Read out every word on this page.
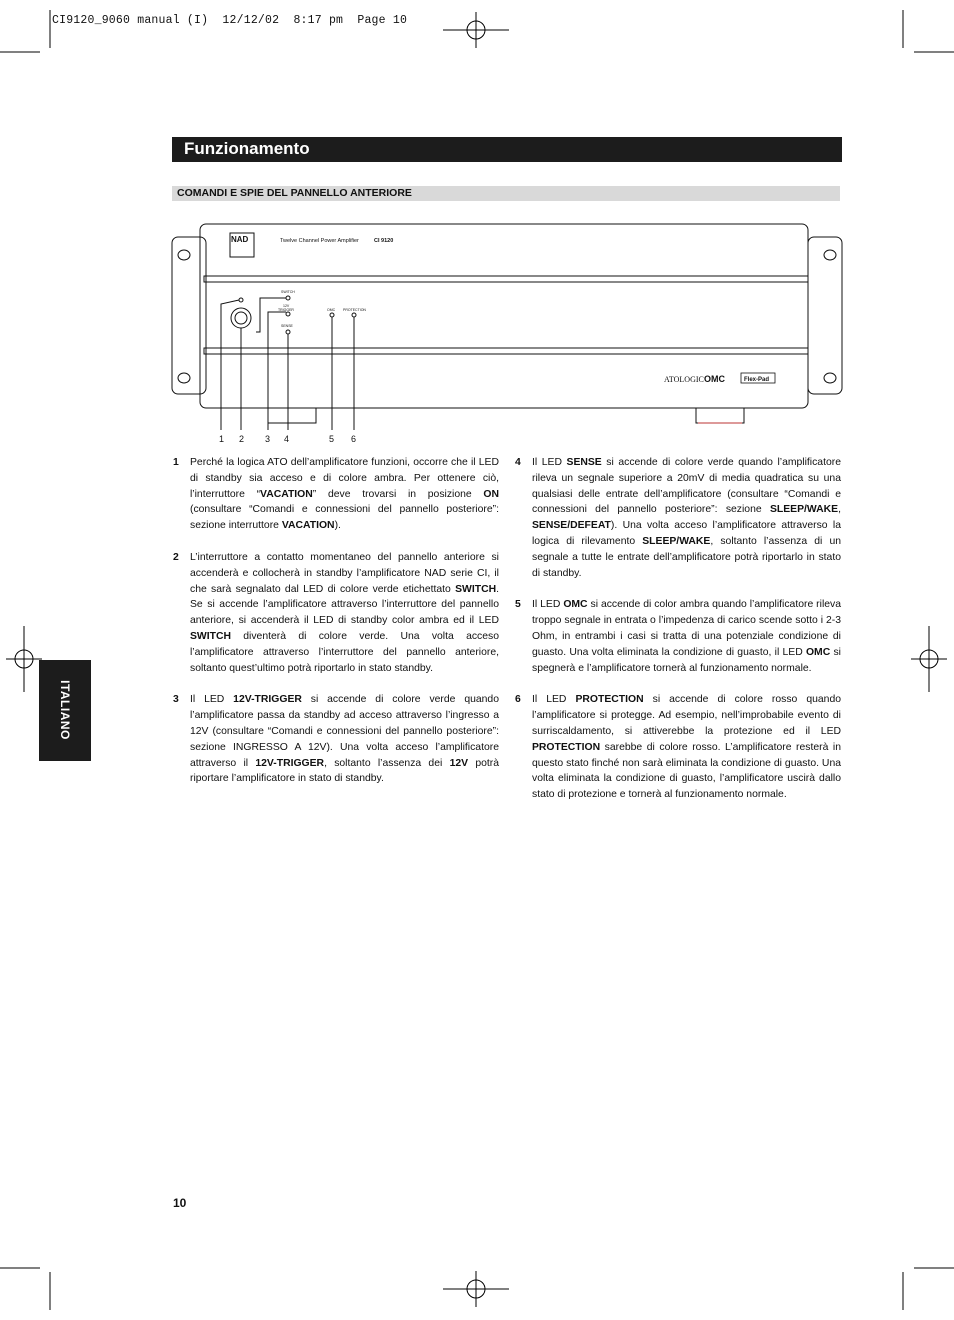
CI9120_9060 manual (I)  12/12/02  8:17 pm  Page 10
Funzionamento
COMANDI E SPIE DEL PANNELLO ANTERIORE
NAD	Twelve Channel Power Amplifier	CI 9120
SWITCH
12V
TRIGGER
SENSE
OMC PROTECTION
ATOLOGIC OMC	Flex-Pad
1 2 3 4	5 6

1 Perché la logica ATO dell’amplificatore funzioni, occorre che il LED di standby sia acceso e di colore ambra. Per ottenere ciò, l’interruttore “VACATION” deve trovarsi in posizione ON (consultare “Comandi e connessioni del pannello posteriore”: sezione interruttore VACATION).

2 L’interruttore a contatto momentaneo del pannello anteriore si accenderà e collocherà in standby l’amplificatore NAD serie CI, il che sarà segnalato dal LED di colore verde etichettato SWITCH. Se si accende l’amplificatore attraverso l’interruttore del pannello anteriore, si accenderà il LED di standby color ambra ed il LED SWITCH diventerà di colore verde. Una volta acceso l’amplificatore attraverso l’interruttore del pannello anteriore, soltanto quest’ultimo potrà riportarlo in stato standby.

3 Il LED 12V-TRIGGER si accende di colore verde quando l’amplificatore passa da standby ad acceso attraverso l’ingresso a 12V (consultare “Comandi e connessioni del pannello posteriore”: sezione INGRESSO A 12V). Una volta acceso l’amplificatore attraverso il 12V-TRIGGER, soltanto l’assenza dei 12V potrà riportare l’amplificatore in stato di standby.

4 Il LED SENSE si accende di colore verde quando l’amplificatore rileva un segnale superiore a 20mV di media quadratica su una qualsiasi delle entrate dell’amplificatore (consultare “Comandi e connessioni del pannello posteriore”: sezione SLEEP/WAKE, SENSE/DEFEAT). Una volta acceso l’amplificatore attraverso la logica di rilevamento SLEEP/WAKE, soltanto l’assenza di un segnale a tutte le entrate dell’amplificatore potrà riportarlo in stato di standby.

5 Il LED OMC si accende di color ambra quando l’amplificatore rileva troppo segnale in entrata o l’impedenza di carico scende sotto i 2-3 Ohm, in entrambi i casi si tratta di una potenziale condizione di guasto. Una volta eliminata la condizione di guasto, il LED OMC si spegnerà e l’amplificatore tornerà al funzionamento normale.

6 Il LED PROTECTION si accende di colore rosso quando l’amplificatore si protegge. Ad esempio, nell’improbabile evento di surriscaldamento, si attiverebbe la protezione ed il LED PROTECTION sarebbe di colore rosso. L’amplificatore resterà in questo stato finché non sarà eliminata la condizione di guasto. Una volta eliminata la condizione di guasto, l’amplificatore uscirà dallo stato di protezione e tornerà al funzionamento normale.

ITALIANO
10
